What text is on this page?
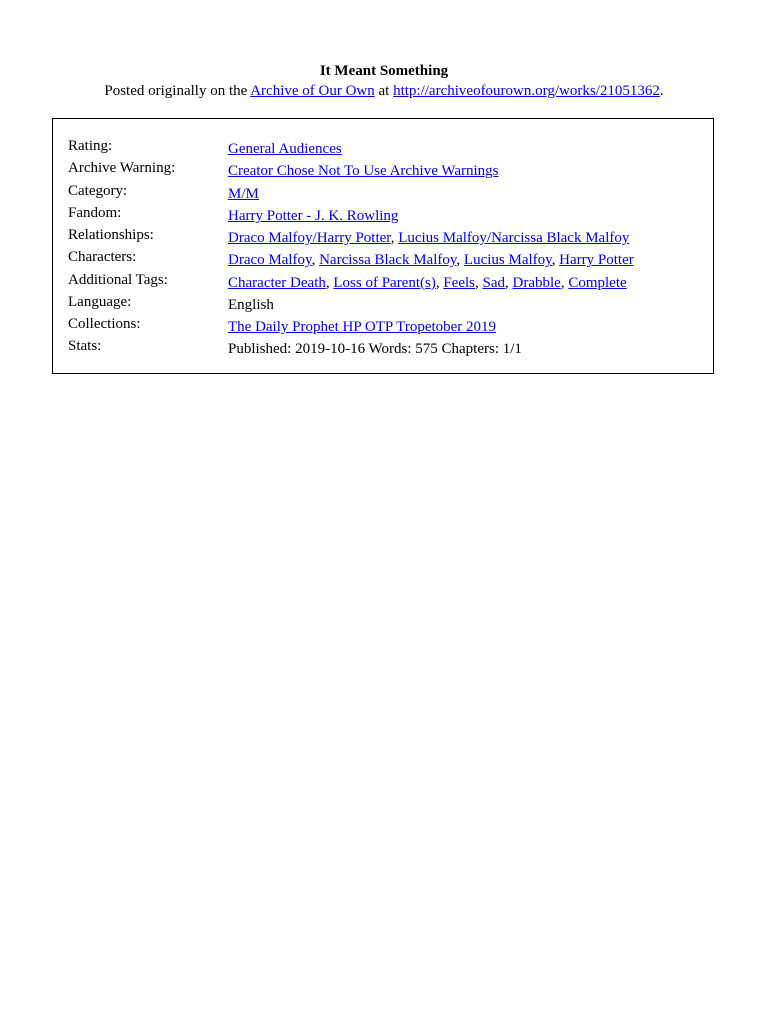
It Meant Something
Posted originally on the Archive of Our Own at http://archiveofourown.org/works/21051362.
Rating:	General Audiences
Archive Warning:	Creator Chose Not To Use Archive Warnings
Category:	M/M
Fandom:	Harry Potter - J. K. Rowling
Relationships:	Draco Malfoy/Harry Potter, Lucius Malfoy/Narcissa Black Malfoy
Characters:	Draco Malfoy, Narcissa Black Malfoy, Lucius Malfoy, Harry Potter
Additional Tags:	Character Death, Loss of Parent(s), Feels, Sad, Drabble, Complete
Language:	English
Collections:	The Daily Prophet HP OTP Tropetober 2019
Stats:	Published: 2019-10-16 Words: 575 Chapters: 1/1
